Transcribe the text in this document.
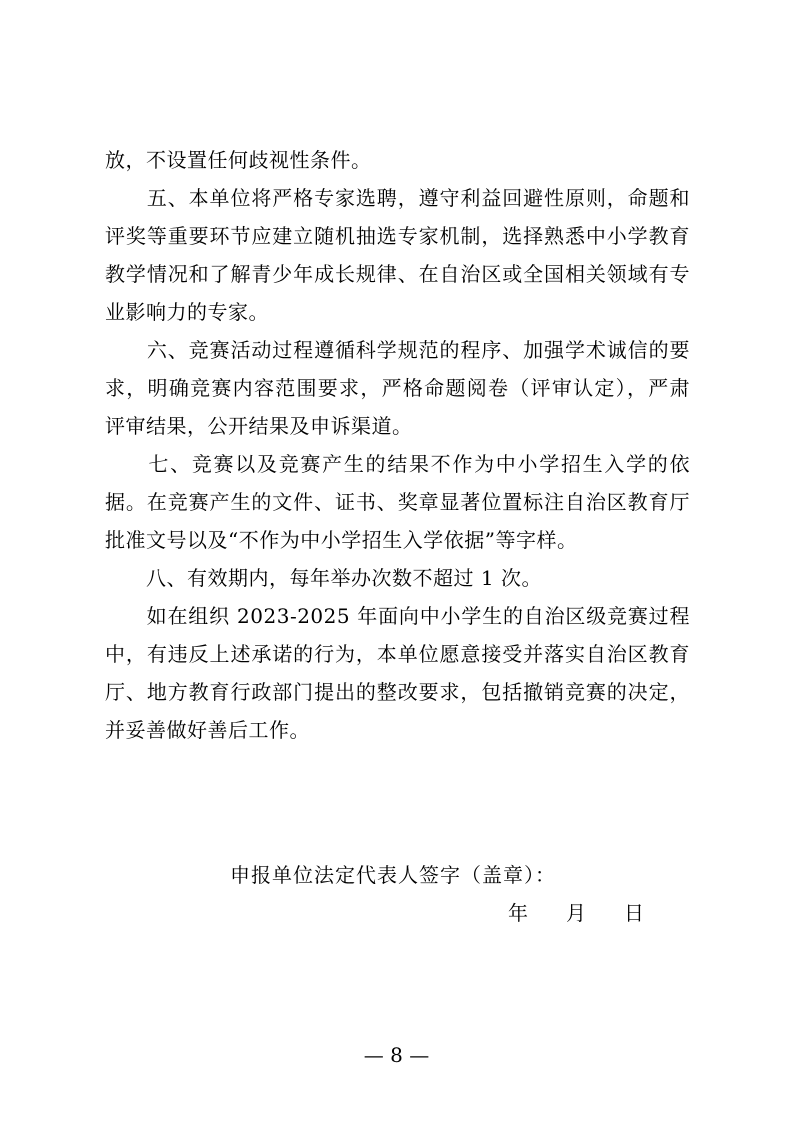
放，不设置任何歧视性条件。
　　五、本单位将严格专家选聘，遵守利益回避性原则，命题和
评奖等重要环节应建立随机抽选专家机制，选择熟悉中小学教育
教学情况和了解青少年成长规律、在自治区或全国相关领域有专
业影响力的专家。
　　六、竞赛活动过程遵循科学规范的程序、加强学术诚信的要
求，明确竞赛内容范围要求，严格命题阅卷（评审认定），严肃
评审结果，公开结果及申诉渠道。
　　七、竞赛以及竞赛产生的结果不作为中小学招生入学的依
据。在竞赛产生的文件、证书、奖章显著位置标注自治区教育厅
批准文号以及“不作为中小学招生入学依据”等字样。
　　八、有效期内，每年举办次数不超过 1 次。
　　如在组织 2023-2025 年面向中小学生的自治区级竞赛过程
中，有违反上述承诺的行为，本单位愿意接受并落实自治区教育
厅、地方教育行政部门提出的整改要求，包括撤销竞赛的决定，
并妥善做好善后工作。
申报单位法定代表人签字（盖章）：
年 月 日
— 8 —
